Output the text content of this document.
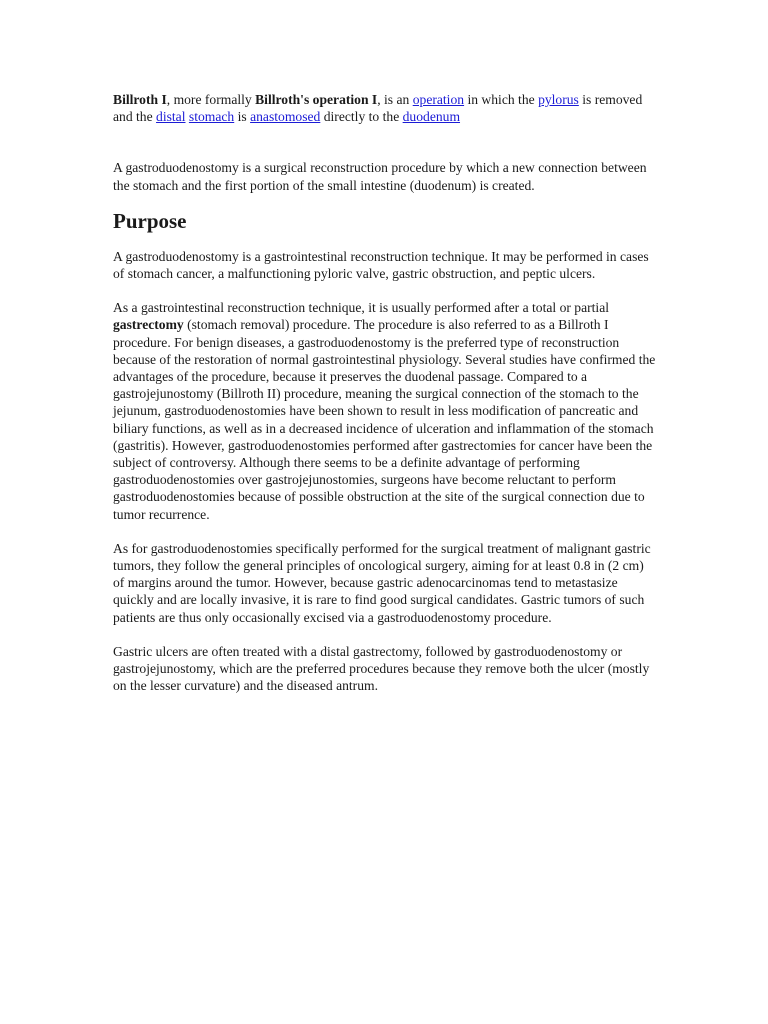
Billroth I, more formally Billroth's operation I, is an operation in which the pylorus is removed and the distal stomach is anastomosed directly to the duodenum

A gastroduodenostomy is a surgical reconstruction procedure by which a new connection between the stomach and the first portion of the small intestine (duodenum) is created.

Purpose

A gastroduodenostomy is a gastrointestinal reconstruction technique. It may be performed in cases of stomach cancer, a malfunctioning pyloric valve, gastric obstruction, and peptic ulcers.

As a gastrointestinal reconstruction technique, it is usually performed after a total or partial gastrectomy (stomach removal) procedure. The procedure is also referred to as a Billroth I procedure. For benign diseases, a gastroduodenostomy is the preferred type of reconstruction because of the restoration of normal gastrointestinal physiology. Several studies have confirmed the advantages of the procedure, because it preserves the duodenal passage. Compared to a gastrojejunostomy (Billroth II) procedure, meaning the surgical connection of the stomach to the jejunum, gastroduodenostomies have been shown to result in less modification of pancreatic and biliary functions, as well as in a decreased incidence of ulceration and inflammation of the stomach (gastritis). However, gastroduodenostomies performed after gastrectomies for cancer have been the subject of controversy. Although there seems to be a definite advantage of performing gastroduodenostomies over gastrojejunostomies, surgeons have become reluctant to perform gastroduodenostomies because of possible obstruction at the site of the surgical connection due to tumor recurrence.

As for gastroduodenostomies specifically performed for the surgical treatment of malignant gastric tumors, they follow the general principles of oncological surgery, aiming for at least 0.8 in (2 cm) of margins around the tumor. However, because gastric adenocarcinomas tend to metastasize quickly and are locally invasive, it is rare to find good surgical candidates. Gastric tumors of such patients are thus only occasionally excised via a gastroduodenostomy procedure.

Gastric ulcers are often treated with a distal gastrectomy, followed by gastroduodenostomy or gastrojejunostomy, which are the preferred procedures because they remove both the ulcer (mostly on the lesser curvature) and the diseased antrum.
